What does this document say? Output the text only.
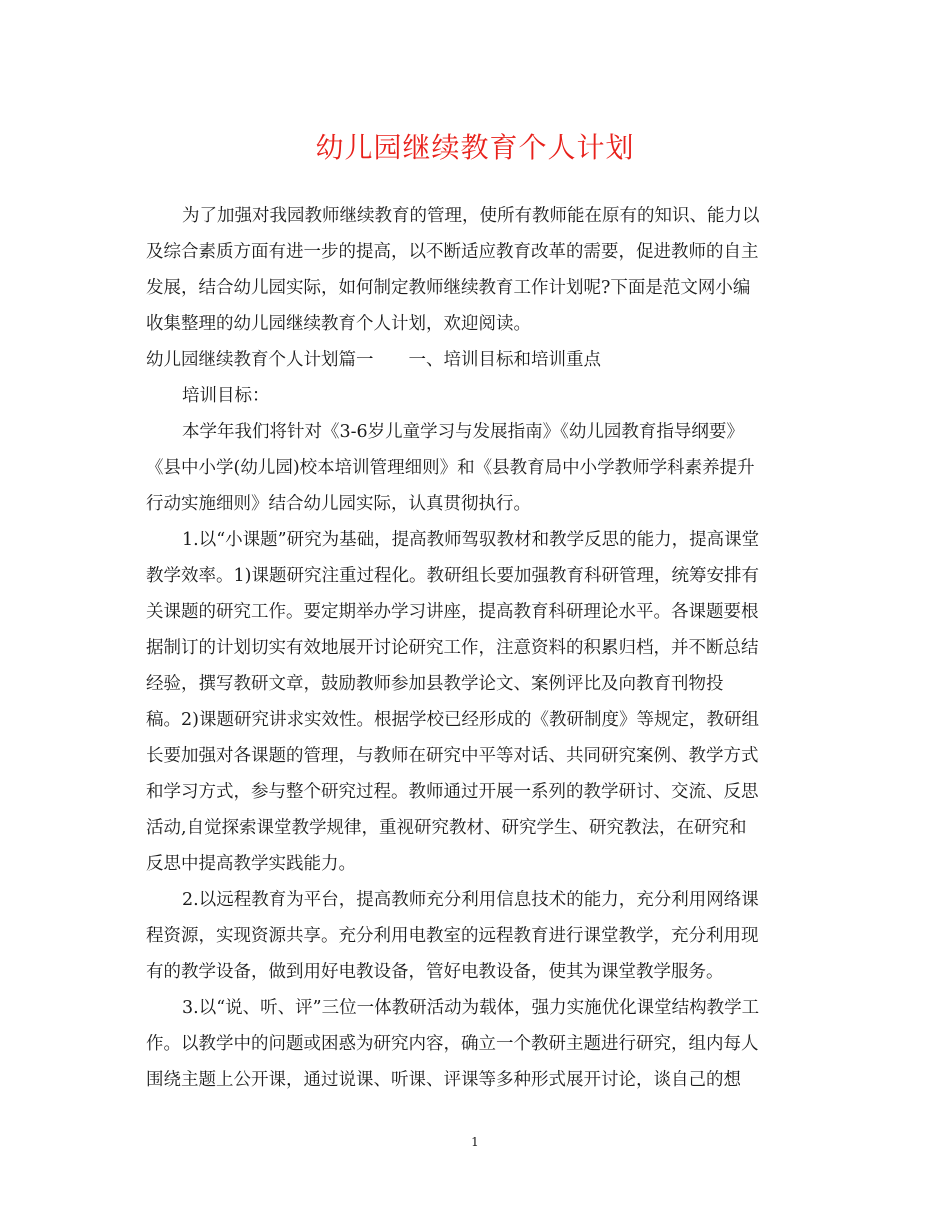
幼儿园继续教育个人计划
为了加强对我园教师继续教育的管理，使所有教师能在原有的知识、能力以
及综合素质方面有进一步的提高，以不断适应教育改革的需要，促进教师的自主
发展，结合幼儿园实际，如何制定教师继续教育工作计划呢?下面是范文网小编
收集整理的幼儿园继续教育个人计划，欢迎阅读。
幼儿园继续教育个人计划篇一　　一、培训目标和培训重点
培训目标：
本学年我们将针对《3-6岁儿童学习与发展指南》《幼儿园教育指导纲要》
《县中小学(幼儿园)校本培训管理细则》和《县教育局中小学教师学科素养提升
行动实施细则》结合幼儿园实际，认真贯彻执行。
1.以“小课题”研究为基础，提高教师驾驭教材和教学反思的能力，提高课堂
教学效率。1)课题研究注重过程化。教研组长要加强教育科研管理，统筹安排有
关课题的研究工作。要定期举办学习讲座，提高教育科研理论水平。各课题要根
据制订的计划切实有效地展开讨论研究工作，注意资料的积累归档，并不断总结
经验，撰写教研文章，鼓励教师参加县教学论文、案例评比及向教育刊物投
稿。2)课题研究讲求实效性。根据学校已经形成的《教研制度》等规定，教研组
长要加强对各课题的管理，与教师在研究中平等对话、共同研究案例、教学方式
和学习方式，参与整个研究过程。教师通过开展一系列的教学研讨、交流、反思
活动,自觉探索课堂教学规律，重视研究教材、研究学生、研究教法，在研究和
反思中提高教学实践能力。
2.以远程教育为平台，提高教师充分利用信息技术的能力，充分利用网络课
程资源，实现资源共享。充分利用电教室的远程教育进行课堂教学，充分利用现
有的教学设备，做到用好电教设备，管好电教设备，使其为课堂教学服务。
3.以“说、听、评”三位一体教研活动为载体，强力实施优化课堂结构教学工
作。以教学中的问题或困惑为研究内容，确立一个教研主题进行研究，组内每人
围绕主题上公开课，通过说课、听课、评课等多种形式展开讨论，谈自己的想
1
